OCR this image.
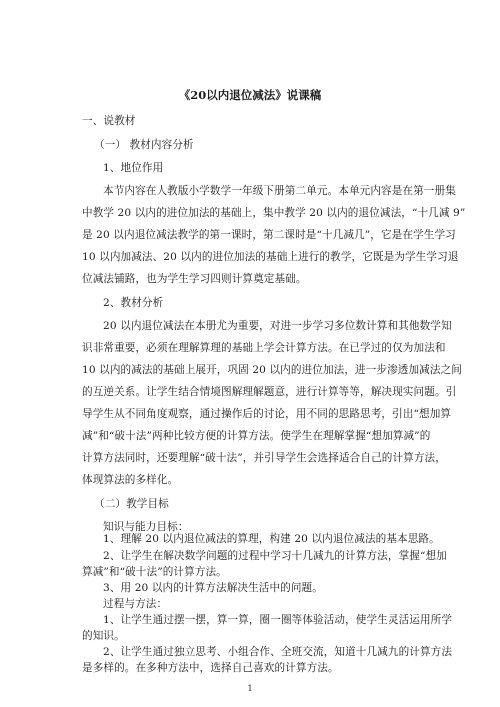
《20以内退位减法》说课稿
一、说教材
（一） 教材内容分析
1、地位作用
本节内容在人教版小学数学一年级下册第二单元。本单元内容是在第一册集
中教学 20 以内的进位加法的基础上，集中教学 20 以内的退位减法，“十几减 9”
是 20 以内退位减法教学的第一课时，第二课时是“十几减几”，它是在学生学习
10 以内加减法、20 以内的进位加法的基础上进行的教学，它既是为学生学习退
位减法铺路，也为学生学习四则计算奠定基础。
2、教材分析
20 以内退位减法在本册尤为重要，对进一步学习多位数计算和其他数学知
识非常重要，必须在理解算理的基础上学会计算方法。在已学过的仅为加法和
10 以内的减法的基础上展开，巩固 20 以内的进位加法，进一步渗透加减法之间
的互逆关系。让学生结合情境图解理解题意，进行计算等等，解决现实问题。引
导学生从不同角度观察，通过操作后的讨论，用不同的思路思考，引出“想加算
减”和“破十法”两种比较方便的计算方法。使学生在理解掌握“想加算减”的
计算方法同时，还要理解“破十法”，并引导学生会选择适合自己的计算方法，
体现算法的多样化。
（二）教学目标
知识与能力目标：
1、理解 20 以内退位减法的算理，构建 20 以内退位减法的基本思路。
2、让学生在解决数学问题的过程中学习十几减九的计算方法，掌握“想加
算减”和“破十法”的计算方法。
3、用 20 以内的计算方法解决生活中的问题。
过程与方法：
1、让学生通过摆一摆，算一算，圈一圈等体验活动，使学生灵活运用所学
的知识。
2、让学生通过独立思考、小组合作、全班交流，知道十几减九的计算方法
是多样的。在多种方法中，选择自己喜欢的计算方法。
1
